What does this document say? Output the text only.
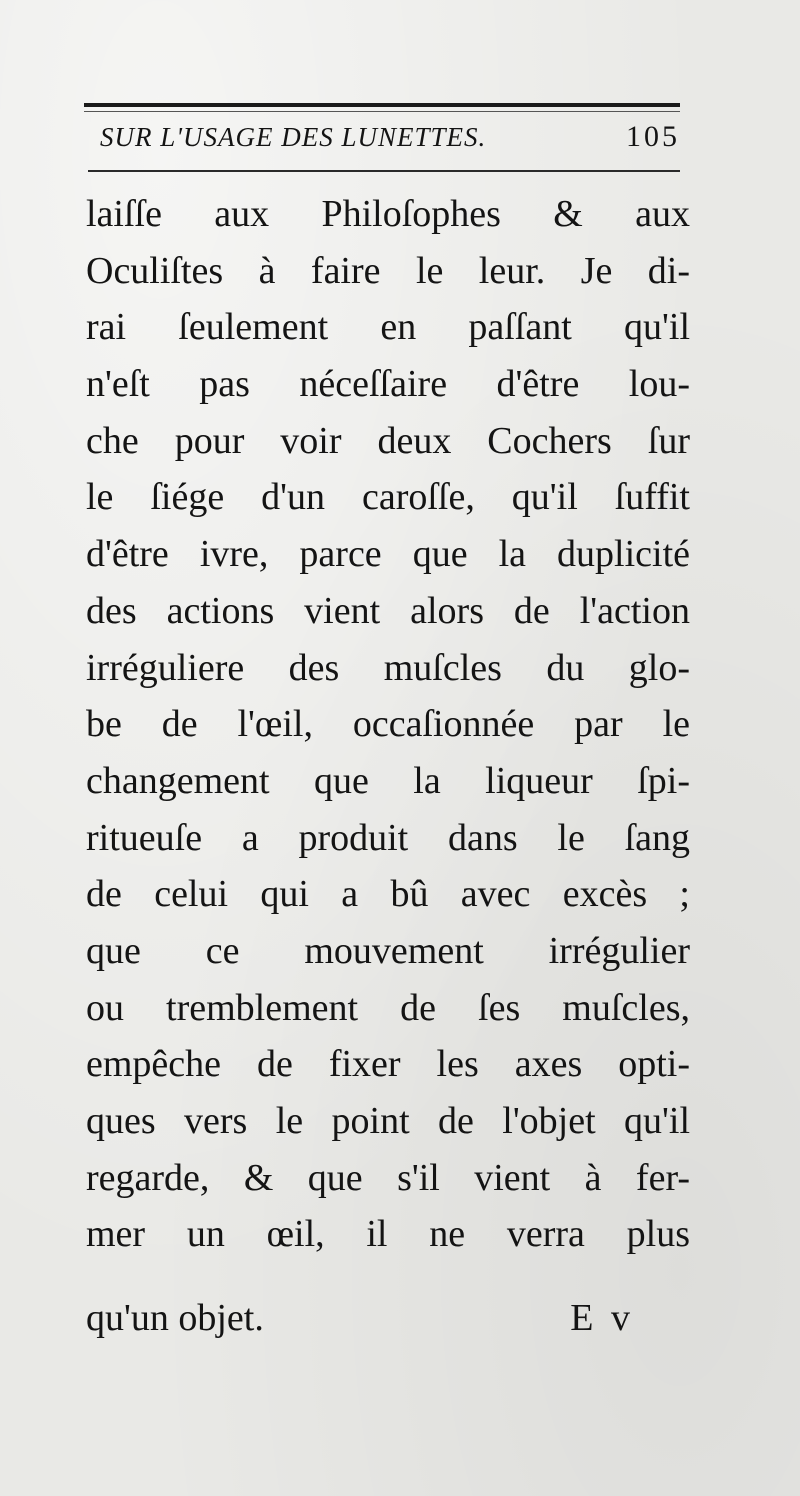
SUR L'USAGE DES LUNETTES.	105
laiſſe aux Philoſophes & aux
Oculiſtes à faire le leur. Je di-
rai ſeulement en paſſant qu'il
n'eſt pas néceſſaire d'être lou-
che pour voir deux Cochers ſur
le ſiége d'un caroſſe, qu'il ſuffit
d'être ivre, parce que la duplicité
des actions vient alors de l'action
irréguliere des muſcles du glo-
be de l'œil, occaſionnée par le
changement que la liqueur ſpi-
ritueuſe a produit dans le ſang
de celui qui a bû avec excès ;
que ce mouvement irrégulier
ou tremblement de ſes muſcles,
empêche de fixer les axes opti-
ques vers le point de l'objet qu'il
regarde, & que s'il vient à fer-
mer un œil, il ne verra plus
qu'un objet.	E v
